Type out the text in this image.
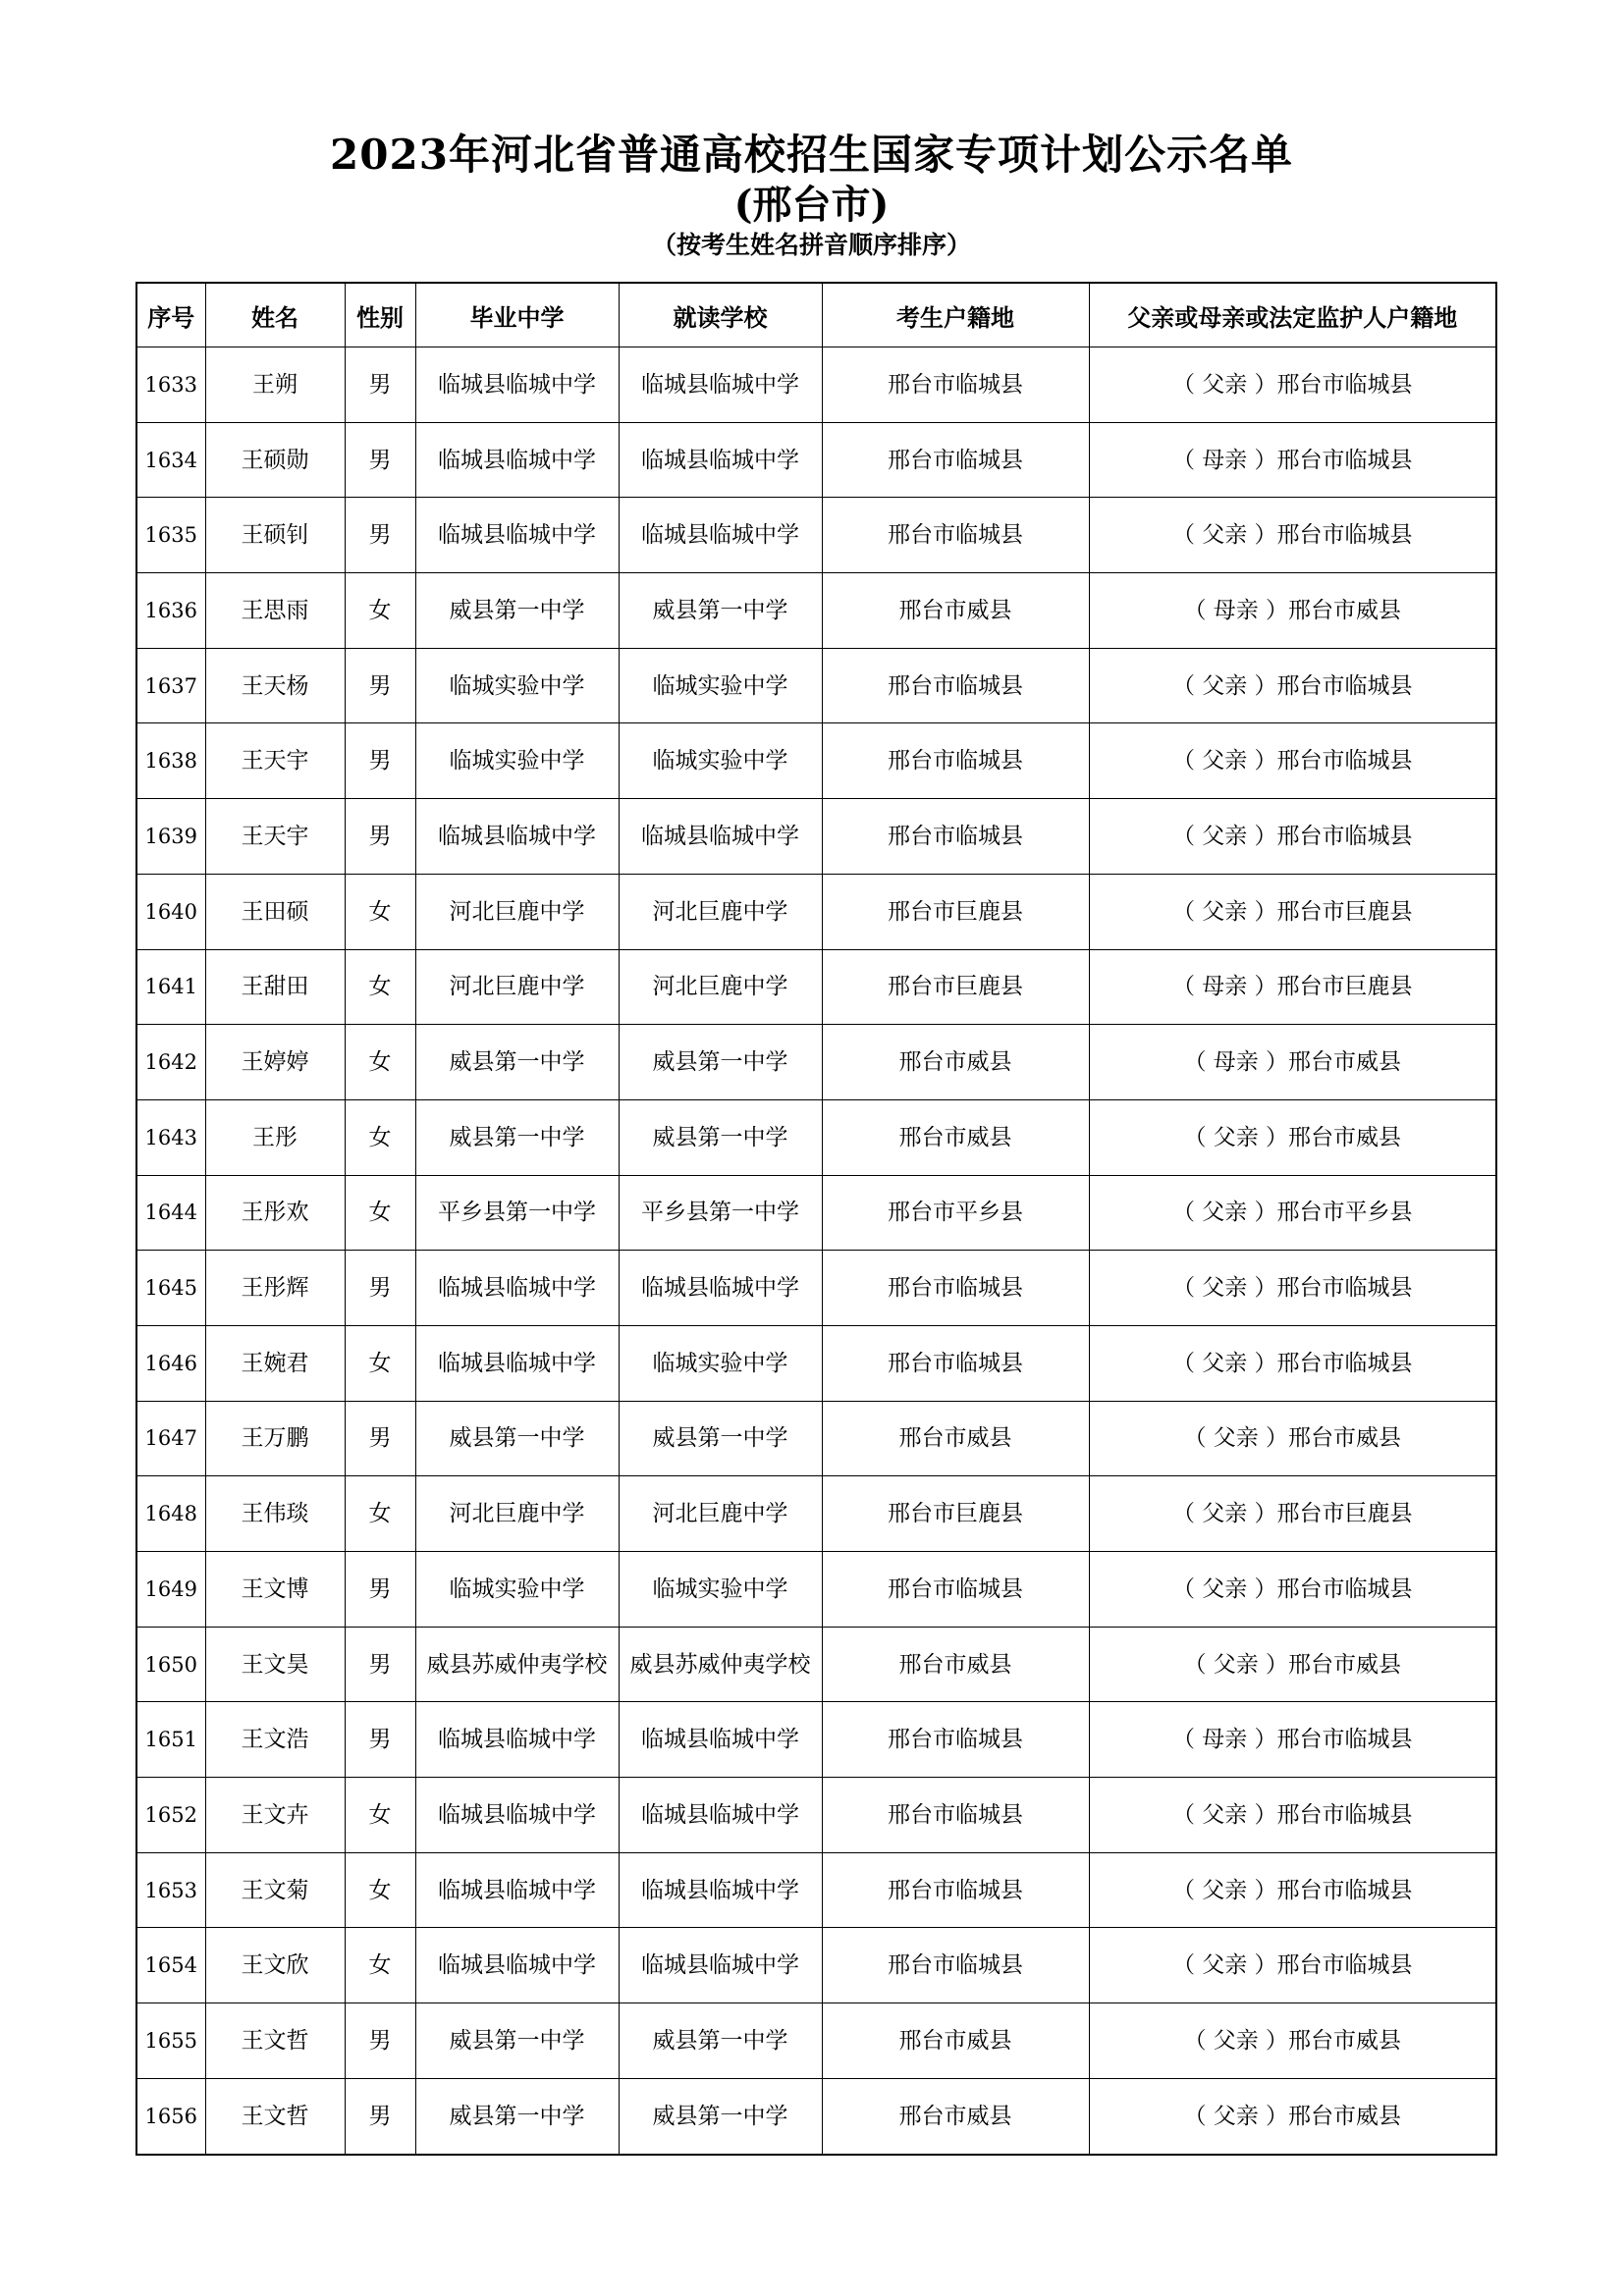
2023年河北省普通高校招生国家专项计划公示名单
(邢台市)
（按考生姓名拼音顺序排序）
序号	姓名	性别	毕业中学	就读学校	考生户籍地	父亲或母亲或法定监护人户籍地
1633	王朔	男	临城县临城中学	临城县临城中学	邢台市临城县	（ 父亲 ）邢台市临城县
1634	王硕勋	男	临城县临城中学	临城县临城中学	邢台市临城县	（ 母亲 ）邢台市临城县
1635	王硕钊	男	临城县临城中学	临城县临城中学	邢台市临城县	（ 父亲 ）邢台市临城县
1636	王思雨	女	威县第一中学	威县第一中学	邢台市威县	（ 母亲 ）邢台市威县
1637	王天杨	男	临城实验中学	临城实验中学	邢台市临城县	（ 父亲 ）邢台市临城县
1638	王天宇	男	临城实验中学	临城实验中学	邢台市临城县	（ 父亲 ）邢台市临城县
1639	王天宇	男	临城县临城中学	临城县临城中学	邢台市临城县	（ 父亲 ）邢台市临城县
1640	王田硕	女	河北巨鹿中学	河北巨鹿中学	邢台市巨鹿县	（ 父亲 ）邢台市巨鹿县
1641	王甜田	女	河北巨鹿中学	河北巨鹿中学	邢台市巨鹿县	（ 母亲 ）邢台市巨鹿县
1642	王婷婷	女	威县第一中学	威县第一中学	邢台市威县	（ 母亲 ）邢台市威县
1643	王彤	女	威县第一中学	威县第一中学	邢台市威县	（ 父亲 ）邢台市威县
1644	王彤欢	女	平乡县第一中学	平乡县第一中学	邢台市平乡县	（ 父亲 ）邢台市平乡县
1645	王彤辉	男	临城县临城中学	临城县临城中学	邢台市临城县	（ 父亲 ）邢台市临城县
1646	王婉君	女	临城县临城中学	临城实验中学	邢台市临城县	（ 父亲 ）邢台市临城县
1647	王万鹏	男	威县第一中学	威县第一中学	邢台市威县	（ 父亲 ）邢台市威县
1648	王伟琰	女	河北巨鹿中学	河北巨鹿中学	邢台市巨鹿县	（ 父亲 ）邢台市巨鹿县
1649	王文博	男	临城实验中学	临城实验中学	邢台市临城县	（ 父亲 ）邢台市临城县
1650	王文昊	男	威县苏威仲夷学校	威县苏威仲夷学校	邢台市威县	（ 父亲 ）邢台市威县
1651	王文浩	男	临城县临城中学	临城县临城中学	邢台市临城县	（ 母亲 ）邢台市临城县
1652	王文卉	女	临城县临城中学	临城县临城中学	邢台市临城县	（ 父亲 ）邢台市临城县
1653	王文菊	女	临城县临城中学	临城县临城中学	邢台市临城县	（ 父亲 ）邢台市临城县
1654	王文欣	女	临城县临城中学	临城县临城中学	邢台市临城县	（ 父亲 ）邢台市临城县
1655	王文哲	男	威县第一中学	威县第一中学	邢台市威县	（ 父亲 ）邢台市威县
1656	王文哲	男	威县第一中学	威县第一中学	邢台市威县	（ 父亲 ）邢台市威县
